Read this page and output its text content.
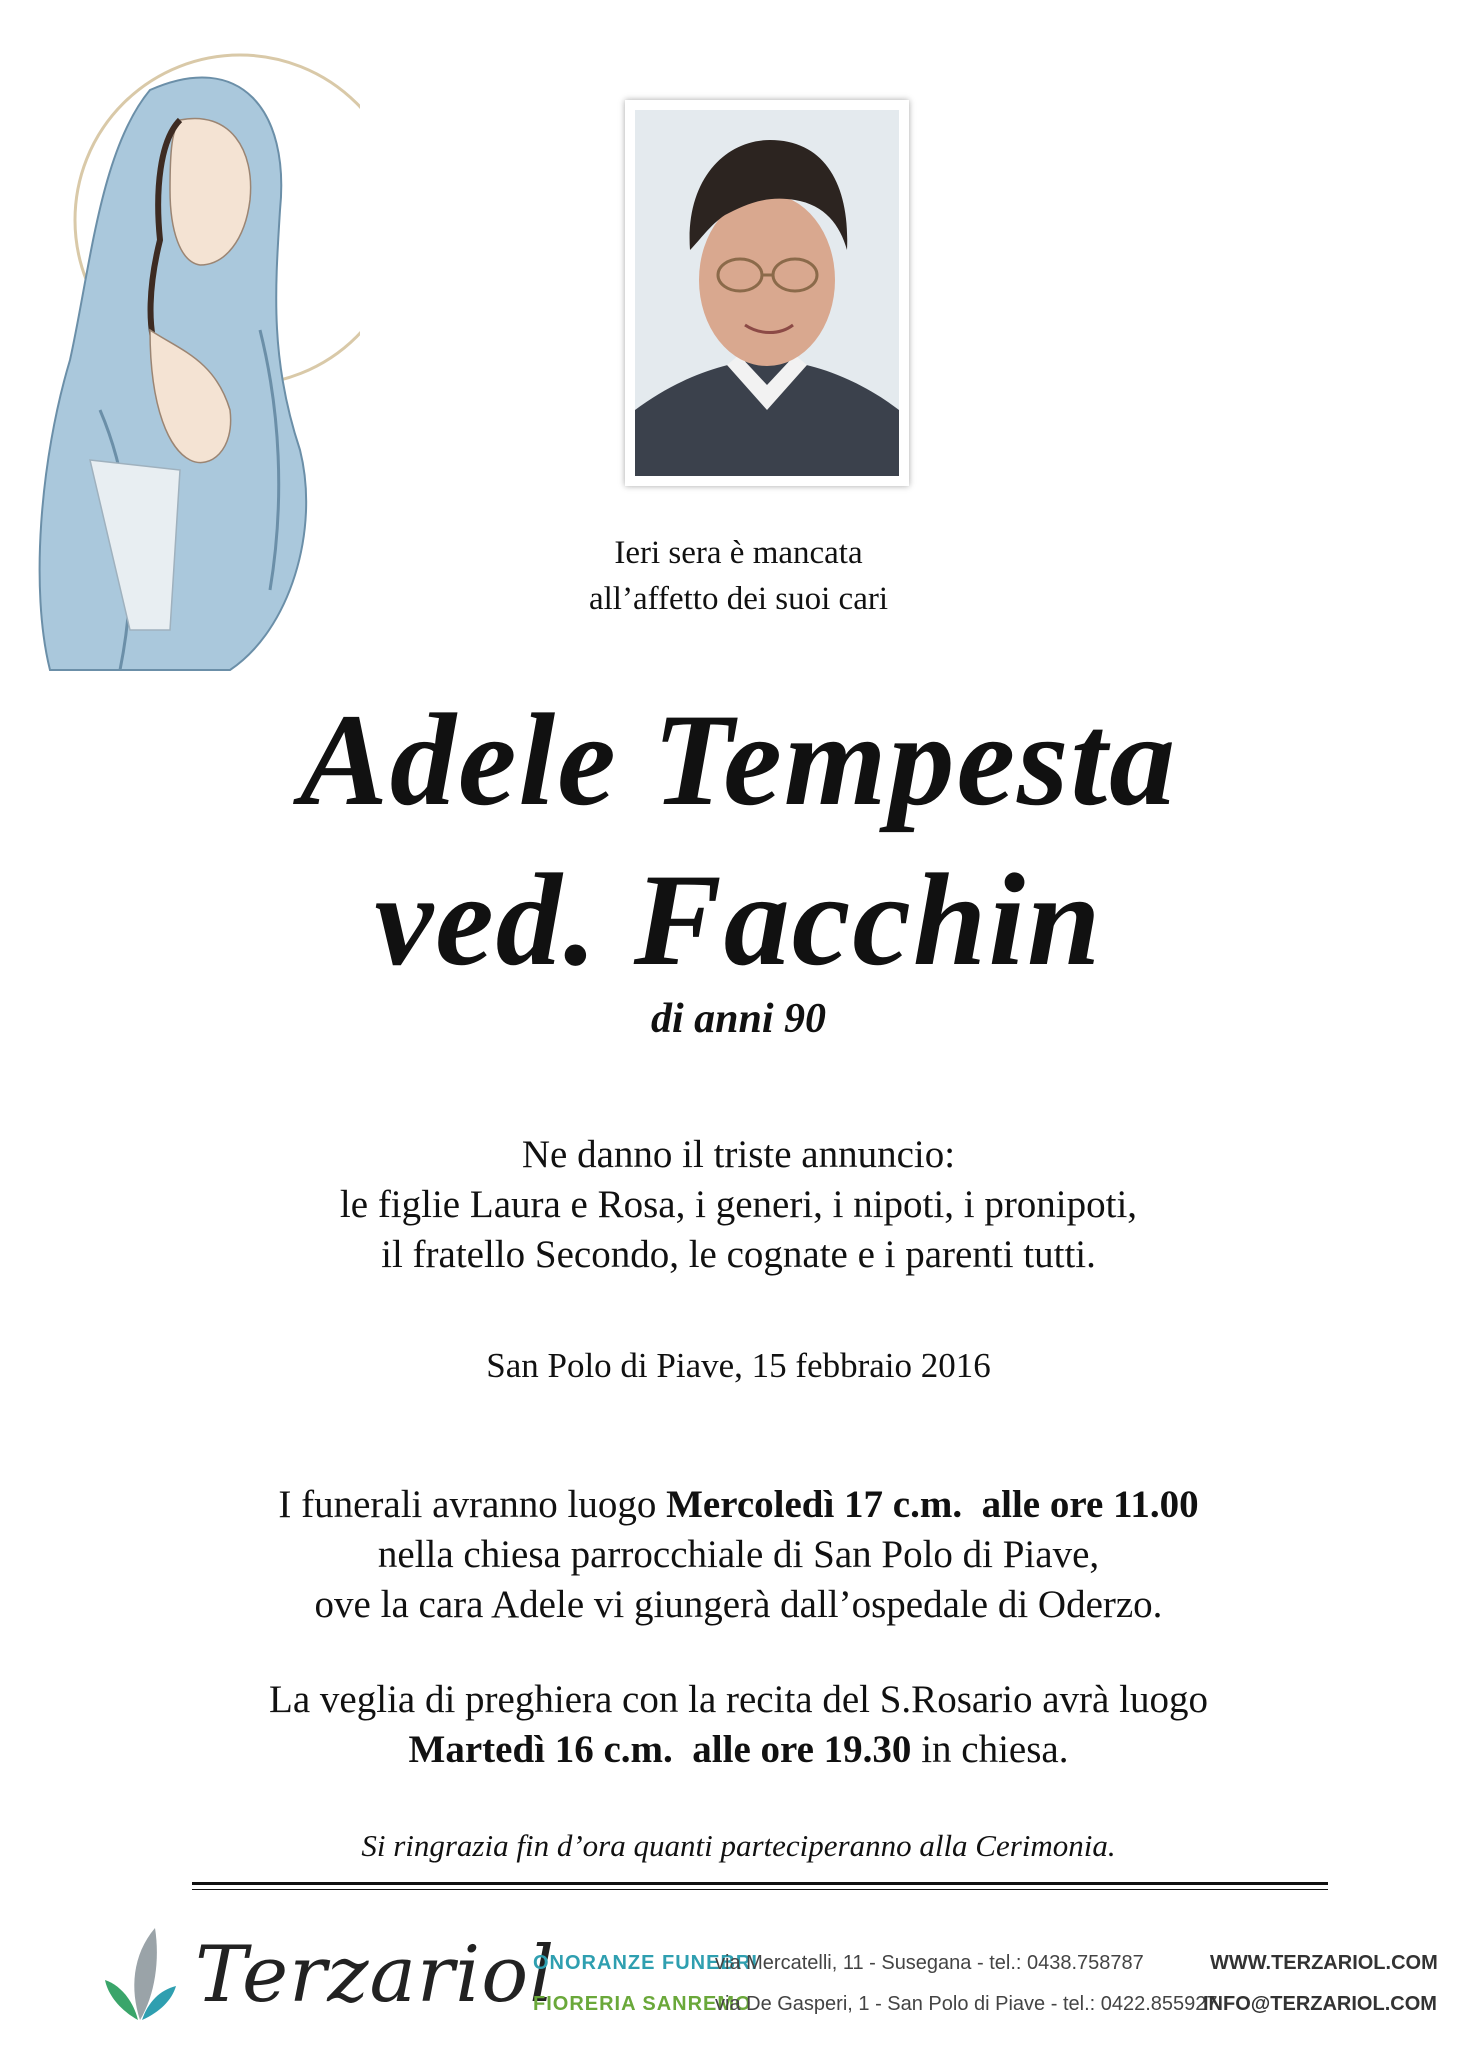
Ieri sera è mancata
all’affetto dei suoi cari
Adele Tempesta
ved. Facchin
di anni 90
Ne danno il triste annuncio:
le figlie Laura e Rosa, i generi, i nipoti, i pronipoti,
il fratello Secondo, le cognate e i parenti tutti.
San Polo di Piave, 15 febbraio 2016
I funerali avranno luogo Mercoledì 17 c.m. alle ore 11.00
nella chiesa parrocchiale di San Polo di Piave,
ove la cara Adele vi giungerà dall’ospedale di Oderzo.
La veglia di preghiera con la recita del S.Rosario avrà luogo
Martedì 16 c.m. alle ore 19.30 in chiesa.
Si ringrazia fin d’ora quanti parteciperanno alla Cerimonia.
Terzariol
ONORANZE FUNEBRI
FIORERIA SANREMO
via Mercatelli, 11 - Susegana - tel.: 0438.758787
via De Gasperi, 1 - San Polo di Piave - tel.: 0422.855927
WWW.TERZARIOL.COM
INFO@TERZARIOL.COM
